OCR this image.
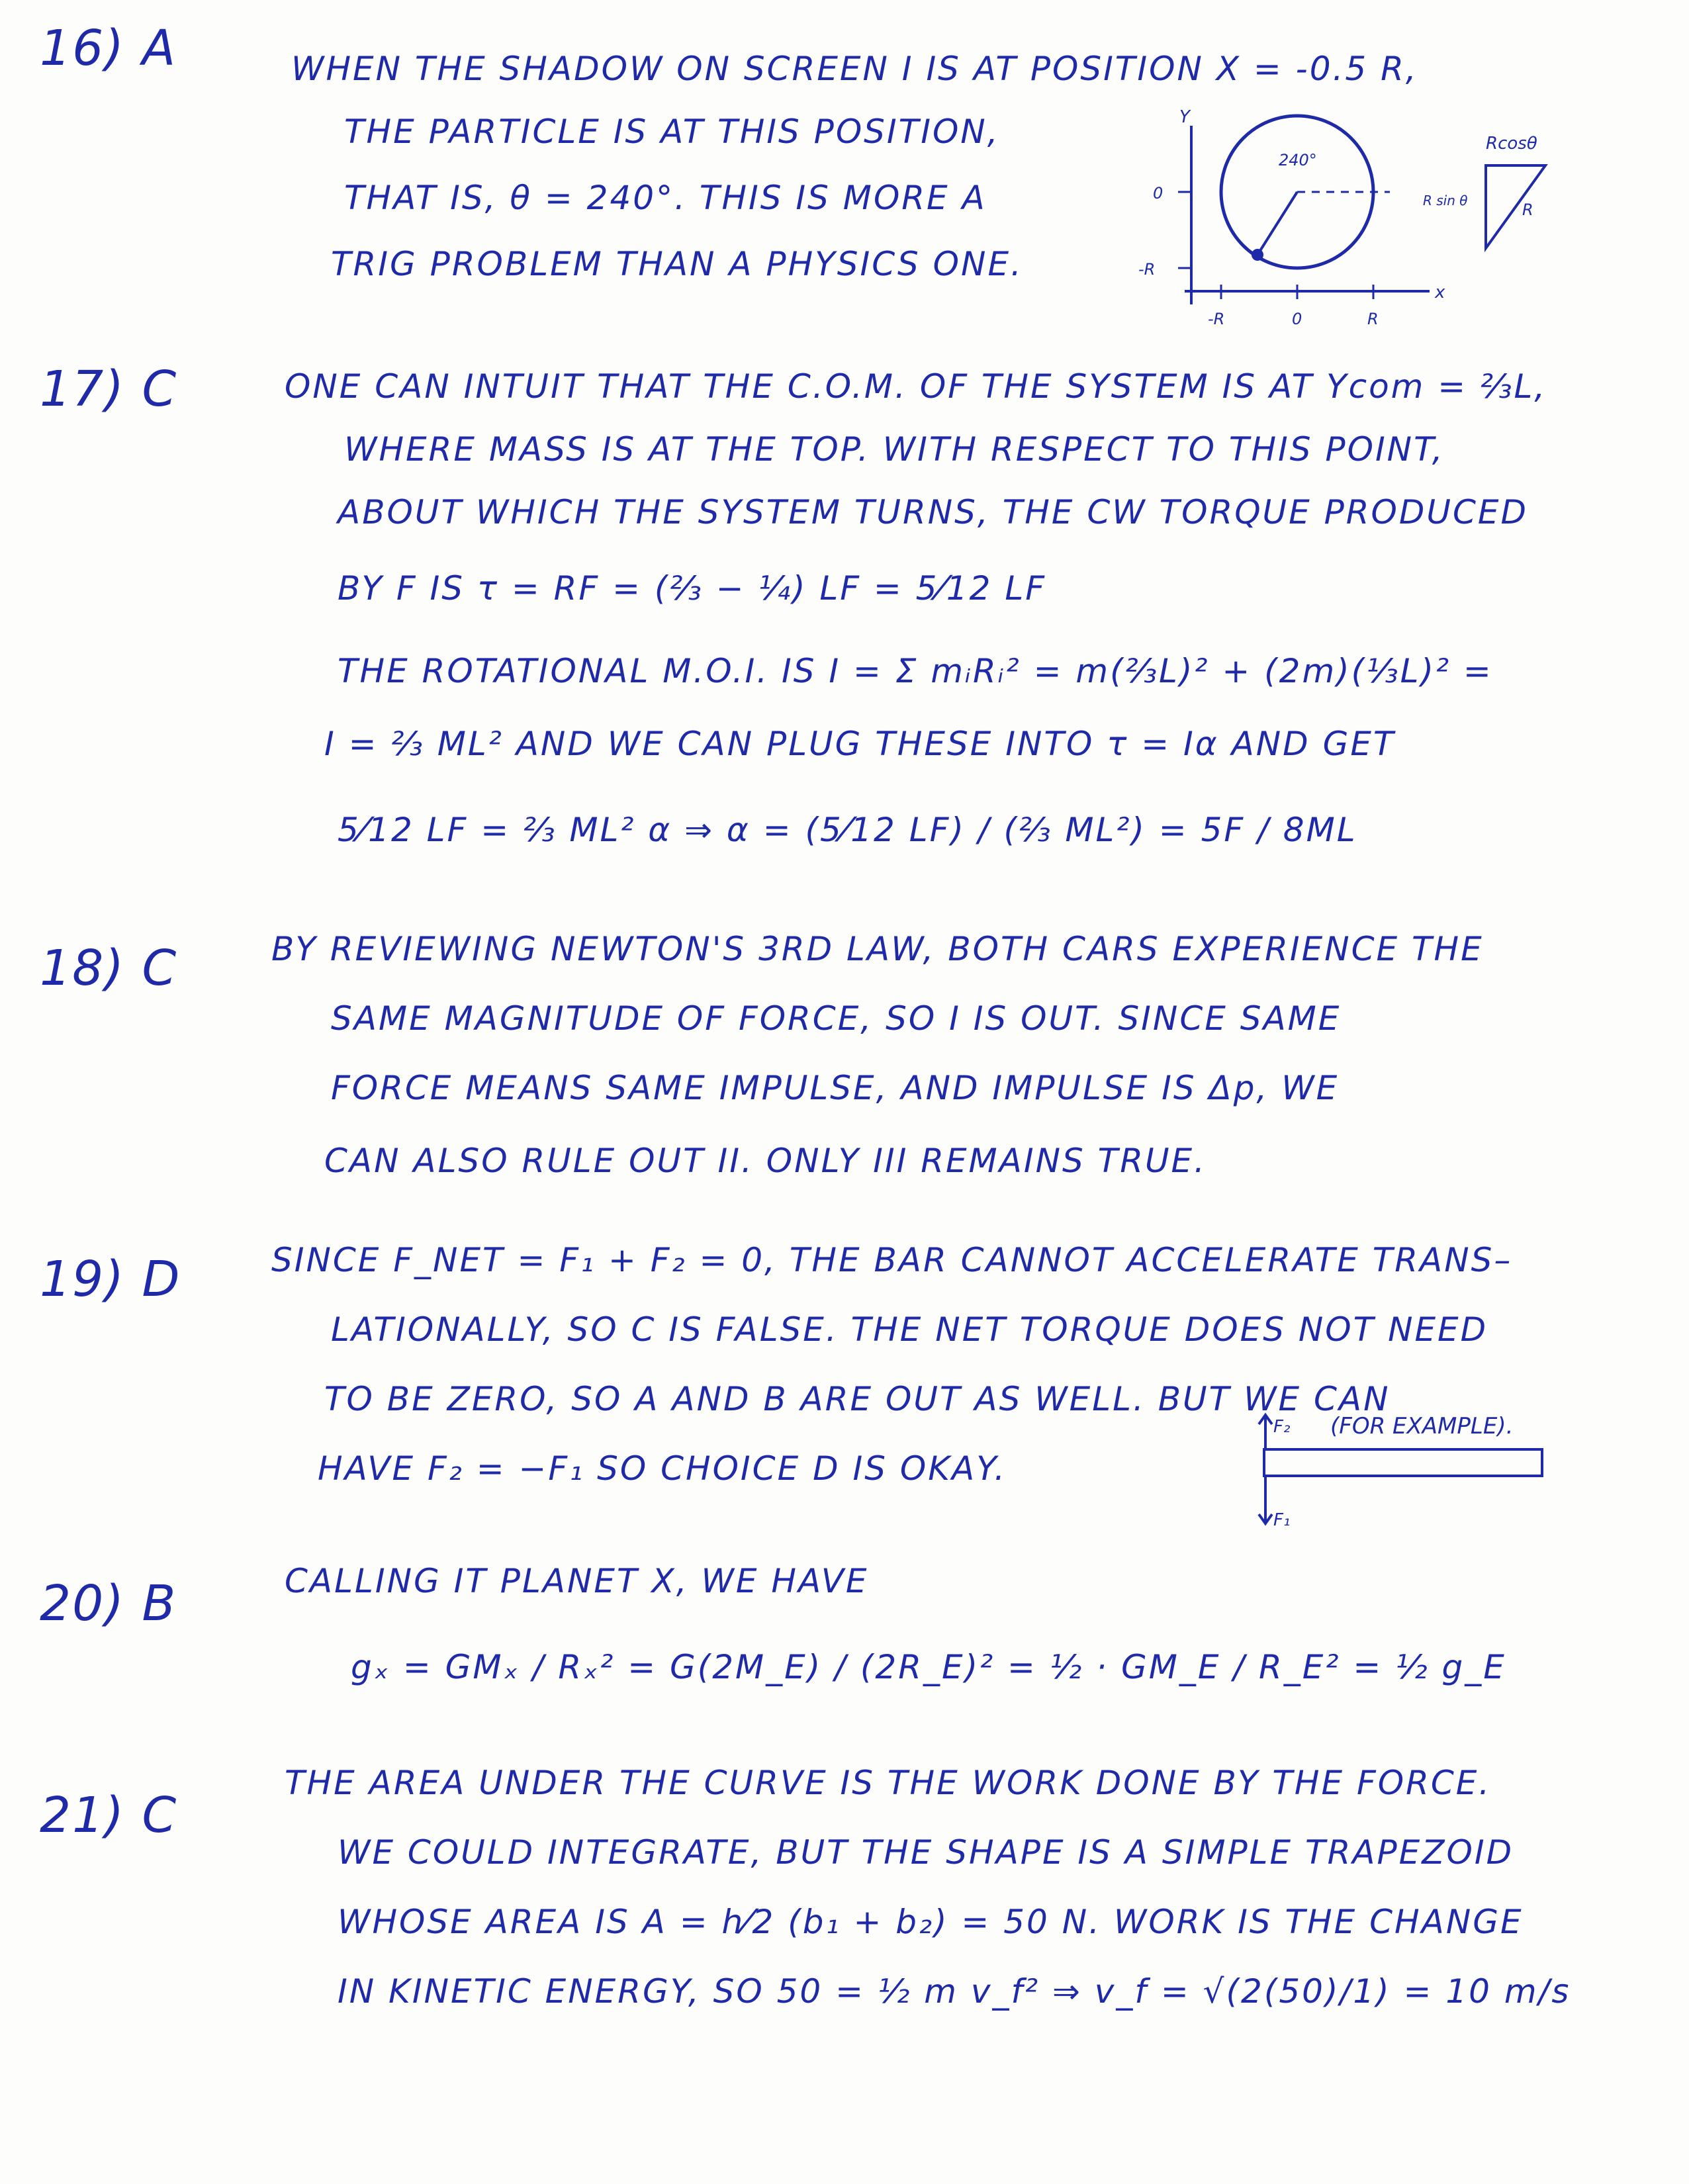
16) A	WHEN THE SHADOW ON SCREEN I IS AT POSITION X = -0.5 R,
THE PARTICLE IS AT THIS POSITION,
THAT IS, θ = 240°. THIS IS MORE A
TRIG PROBLEM THAN A PHYSICS ONE.
Y
x
240°
0
-R
-R	0	R
Rcosθ
R sin θ	R
17) C	ONE CAN INTUIT THAT THE C.O.M. OF THE SYSTEM IS AT Ycom = ⅔L,
WHERE MASS IS AT THE TOP. WITH RESPECT TO THIS POINT,
ABOUT WHICH THE SYSTEM TURNS, THE CW TORQUE PRODUCED
BY F IS τ = RF = (⅔ − ¼) LF = 5⁄12 LF
THE ROTATIONAL M.O.I. IS I = Σ mᵢRᵢ² = m(⅔L)² + (2m)(⅓L)² =
I = ⅔ ML² AND WE CAN PLUG THESE INTO τ = Iα AND GET
5⁄12 LF = ⅔ ML² α ⇒ α = (5⁄12 LF) / (⅔ ML²) = 5F / 8ML
18) C	BY REVIEWING NEWTON'S 3RD LAW, BOTH CARS EXPERIENCE THE
SAME MAGNITUDE OF FORCE, SO I IS OUT. SINCE SAME
FORCE MEANS SAME IMPULSE, AND IMPULSE IS Δp, WE
CAN ALSO RULE OUT II. ONLY III REMAINS TRUE.
19) D	SINCE F_NET = F₁ + F₂ = 0, THE BAR CANNOT ACCELERATE TRANS–
LATIONALLY, SO C IS FALSE. THE NET TORQUE DOES NOT NEED
TO BE ZERO, SO A AND B ARE OUT AS WELL. BUT WE CAN
HAVE F₂ = −F₁ SO CHOICE D IS OKAY.
F₂
F₁
(FOR EXAMPLE).
20) B	CALLING IT PLANET X, WE HAVE
gₓ = GMₓ / Rₓ² = G(2M_E) / (2R_E)² = ½ · GM_E / R_E² = ½ g_E
21) C
THE AREA UNDER THE CURVE IS THE WORK DONE BY THE FORCE.
WE COULD INTEGRATE, BUT THE SHAPE IS A SIMPLE TRAPEZOID
WHOSE AREA IS A = h⁄2 (b₁ + b₂) = 50 N. WORK IS THE CHANGE
IN KINETIC ENERGY, SO 50 = ½ m v_f² ⇒ v_f = √(2(50)/1) = 10 m/s
